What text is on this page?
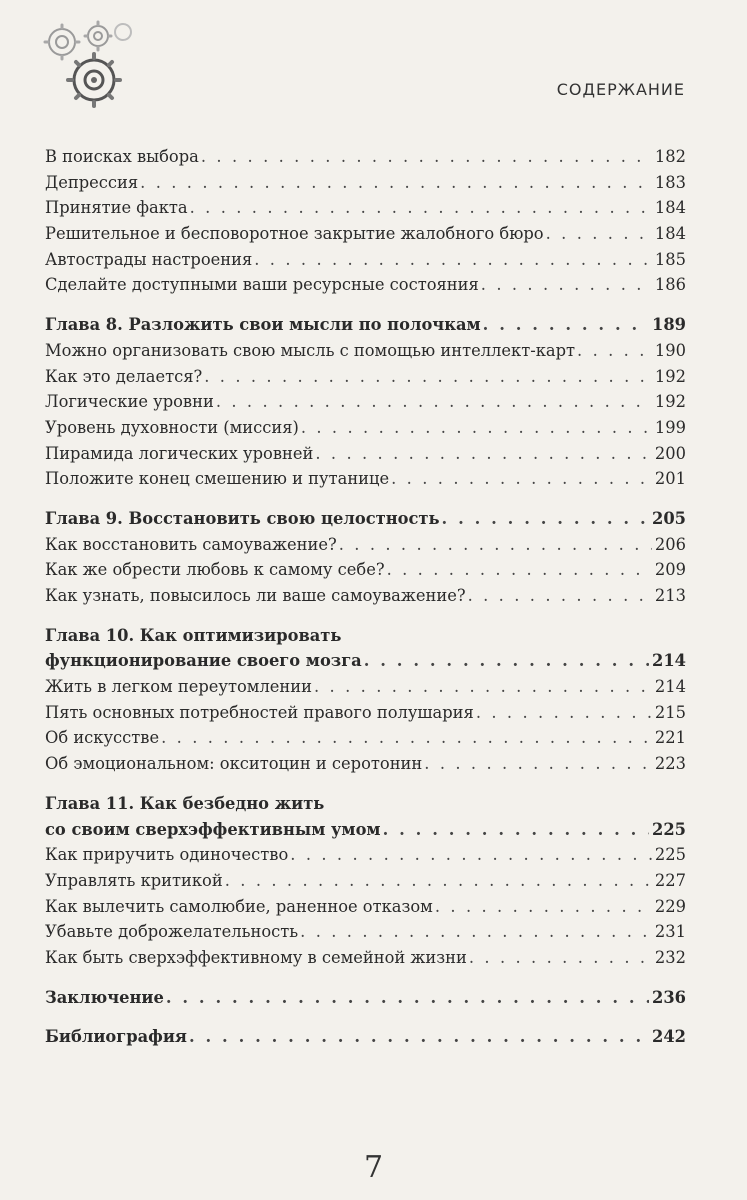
СОДЕРЖАНИЕ
В поисках выбора . . .	182
Депрессия . . .	183
Принятие факта . . .	184
Решительное и бесповоротное закрытие жалобного бюро . . .	184
Автострады настроения . . .	185
Сделайте доступными ваши ресурсные состояния . . .	186
Глава 8. Разложить свои мысли по полочкам . . .	189
Можно организовать свою мысль с помощью интеллект-карт . . .	190
Как это делается? . . .	192
Логические уровни . . .	192
Уровень духовности (миссия) . . .	199
Пирамида логических уровней . . .	200
Положите конец смешению и путанице . . .	201
Глава 9. Восстановить свою целостность . . .	205
Как восстановить самоуважение? . . .	206
Как же обрести любовь к самому себе? . . .	209
Как узнать, повысилось ли ваше самоуважение? . . .	213
Глава 10. Как оптимизировать
функционирование своего мозга . . .	214
Жить в легком переутомлении . . .	214
Пять основных потребностей правого полушария . . .	215
Об искусстве . . .	221
Об эмоциональном: окситоцин и серотонин . . .	223
Глава 11. Как безбедно жить
со своим сверхэффективным умом . . .	225
Как приручить одиночество . . .	225
Управлять критикой . . .	227
Как вылечить самолюбие, раненное отказом . . .	229
Убавьте доброжелательность . . .	231
Как быть сверхэффективному в семейной жизни . . .	232
Заключение . . .	236
Библиография . . .	242
7
